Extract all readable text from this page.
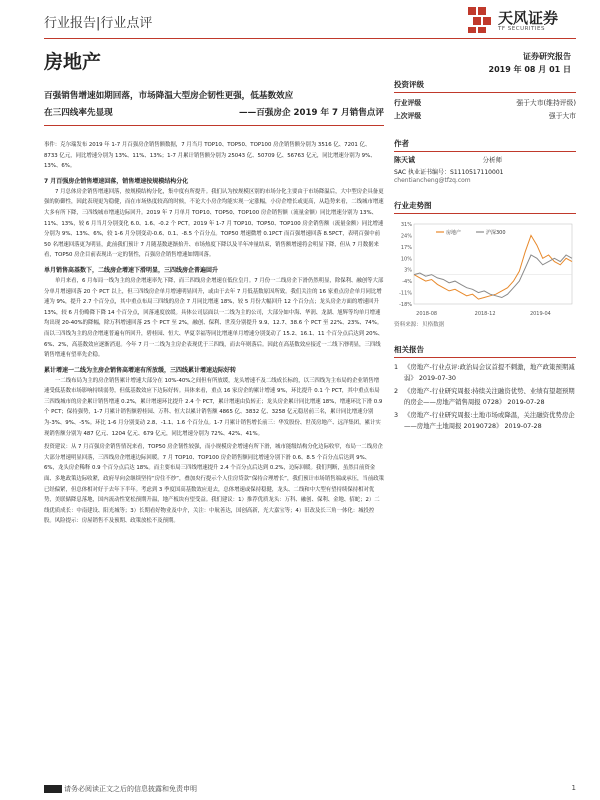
行业报告|行业点评	天风证券
TF SECURITIES
房地产	证券研究报告
2019 年 08 月 01 日
百强销售增速如期回落，市场降温大型房企韧性更强，低基数效应
在三四线率先显现	——百强房企 2019 年 7 月销售点评

事件：克尔瑞发布 2019 年 1-7 月百强房企销售额数据，7 月当月 TOP10、TOP50、TOP100 房企销售额分别为 3516 亿、7201 亿、8733 亿元，同比增速分别为 13%、11%、13%；1-7 月累计销售额分别为 25043 亿、50709 亿、56763 亿元，同比增速分别为 9%、13%、6%。

7 月百强房企销售增速回落，销售增速按规模结构分化

7 月总体房企销售增速回落，按规模结构分化，集中度有所提升。我们认为按规模区别的市场分化主要由于市场降温后，大中型房企具备更强的防御性，因此表现更为稳健，而在市场热度较高的时候，不论大小房企均能实现一定涨幅，小房企增长或更高，从趋势来看，二线城市增速大多有所下降，三四线城市增速边际回升。2019 年 7 月单月 TOP10、TOP50、TOP100 房企销售额（流量金额）同比增速分别为 13%、11%、13%，较 6 月当月分别变化 6.0、1.6、-0.2 个 PCT。2019 年 1-7 月 TOP10、TOP50、TOP100 房企销售额（流量金额）同比增速分别为 9%、13%、6%，较 1-6 月分别变动-0.6、0.1、-8.5 个百分点。TOP50 增速微增 0.1PCT 而百强增速回落 8.5PCT，表明百强中前 50 名增速回落更为明显，此前我们预计 7 月随基数逐渐抬升、市场热度下降以及半年冲量结束，销售额增速将会明显下降，但从 7 月数据来看，TOP50 房企目前表现出一定的韧性，百强房企销售增速如期回落。

单月销售高基数下，二线房企增速下滑明显，三四线房企普遍回升

单月来看，6 月布局一线为主的房企增速率先下降，而三四线房企增速在低位皇月。7 月份一二线房企下滑仍然明显，除保利、融创等大部分单月增速回落 20 个 PCT 以上，但三四线房企单月增速明显回升，或由于去年 7 月低基数原因所致。我们关注的 16 家重点房企单月同比增速为 9%，提升 2.7 个百分点，其中重点布局三四线的房企 7 月同比增速 18%，较 5 月份大幅回升 12 个百分点；龙头房企方面的增速回升 13%，较 6 月份略降下降 14 个百分点，回落速度放缓。具体公司层面以一二线为主的公司，大部分如中海、华润、龙湖、旭辉等均单月增速均出现 20-40%的降幅，除万科增速回落 25 个 PCT 至 2%，融创、保利、世茂分别提升 9.9、12.7、38.6 个 PCT 至 22%、23%、74%。而以三四线为主的房企增速普遍有所回升，碧桂园、恒大、华夏幸福等同比增速单月增速分别变动了 15.2、16.1、11 个百分点后达到 20%、6%、2%，高基数效应逐渐消退。今年 7 月一二线为主房企表现优于三四线，而去年则落后。因此在高基数效应接近一二线下滑明显，三四线销售增速有望率先企稳。

累计增速一二线为主房企销售高增速有所放缓，三四线累计增速边际好转

一二线布局为主的房企销售累计增速大部分在 10%-40%之间但有所放缓，龙头增速不及二线成长标的，以三四线为主布局的企业销售增速受低基数市场影响持续弱势，但低基数效应下边际好转。具体来看，重点 16 家房企的累计增速 9%，环比提升 0.1 个 PCT，其中重点布局三四线城市的房企累计销售增速 0.2%，累计增速环比提升 2.4 个 PCT，累计增速由负转正；龙头房企累计同比增速 18%，增速环比下滑 0.9 个 PCT；保持强势，1-7 月累计销售额碧桂园、万科、恒大以累计销售额 4865 亿、3832 亿、3258 亿元稳居前三名，累计同比增速分别为-3%、9%、-5%。环比 1-6 月分别变动 2.8、-1.1、1.6 个百分点。1-7 月累计销售增长前三：华发股份、世茂房地产、远洋集团，累计实现销售额分别为 487 亿元、1204 亿元、679 亿元，同比增速分别为 72%、42%、41%。

投资建议：从 7 月百强房企销售情况来看，TOP50 房企韧性较强，而小规模房企增速有所下滑，城市能级结构分化边际收窄，布局一二线房企大部分增速明显回落，三四线房企增速边际回暖。7 月 TOP10、TOP100 房企销售额同比增速分别下滑 0.6、8.5 个百分点后达到 9%、6%，龙头房企稀释 0.9 个百分点后达 18%。而主要布局三四线增速提升 2.4 个百分点后达到 0.2%，边际回暖。我们判断，虽然目前资金面、多地政策边际收紧，政府导向会继续坚持“房住不炒”，叠加央行提示个人住房贷款“保持合理增长”，我们预计市场销售端或承压，当前政策已经偏紧，但总体相对好于去年下半年。考虑到 3 季度国高基数效应退去，总体增速或保持稳健，龙头、二线和中大型有望持续保持相对优势，美联储降息落地，国内流动性宽松预期升温，地产板块有望受益。我们建议：1）推荐优质龙头：万科、融创、保利、金地、招蛇；2）二线优质成长：中南建设、阳光城等；3）长期看好物业及中介，关注：中航善达，国创高新，光大嘉宝等；4）旧改及长三角一体化：城投控股。风险提示：房屋销售不及预期、政策放松不及预期。

投资评级
行业评级	强于大市(维持评级)
上次评级	强于大市
作者
陈天诚	分析师
SAC 执业证书编号：S1110517110001
chentiancheng@tfzq.com
行业走势图
31%
24%
17%
10%
3%
-4%
-11%
-18%
2018-08	2018-12	2019-04
房地产	沪深300
资料来源：贝格数据
相关报告
1 《房地产-行业点评:政治局会议首提不刺激，地产政策预期减弱》 2019-07-30
2 《房地产-行业研究周报:持续关注融资优势、业绩有望超预期的房企——房地产销售周报 0728》 2019-07-28
3 《房地产-行业研究周报:土地市场或降温，关注融资优势房企 ——房地产土地周报 20190728》 2019-07-28
请务必阅读正文之后的信息披露和免责申明	1
